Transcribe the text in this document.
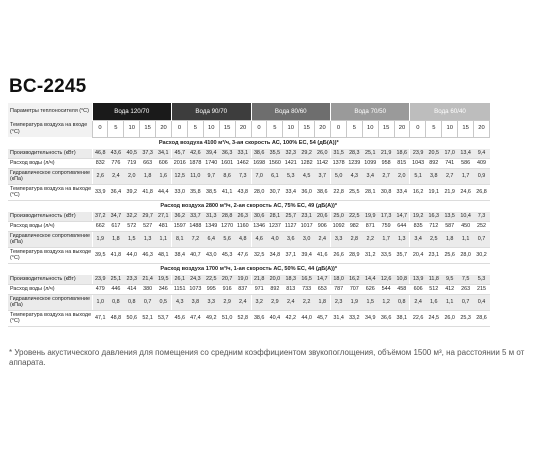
BC-2245
Параметры теплоносителя (°C)	Вода 120/70					Вода 90/70					Вода 80/60					Вода 70/50					Вода 60/40				
Температура воздуха на входе (°C)	0	5	10	15	20	0	5	10	15	20	0	5	10	15	20	0	5	10	15	20	0	5	10	15	20
Расход воздуха 4100 м³/ч, 3-ая скорость АС, 100% ЕС, 54 (дБ(А))*																									
Производительность (кВт)	46,8	43,6	40,5	37,3	34,1	45,7	42,6	39,4	36,3	33,1	38,6	35,5	32,3	29,2	26,0	31,5	28,3	25,1	21,9	18,6	23,9	20,5	17,0	13,4	9,4
Расход воды (л/ч)	832	776	719	663	606	2016	1878	1740	1601	1462	1698	1560	1421	1282	1142	1378	1239	1099	958	815	1043	892	741	586	409
Гидравлическое сопротивление (кПа)	2,6	2,4	2,0	1,8	1,6	12,5	11,0	9,7	8,6	7,3	7,0	6,1	5,3	4,5	3,7	5,0	4,3	3,4	2,7	2,0	5,1	3,8	2,7	1,7	0,9
Температура воздуха на выходе (°C)	33,9	36,4	39,2	41,8	44,4	33,0	35,8	38,5	41,1	43,8	28,0	30,7	33,4	36,0	38,6	22,8	25,5	28,1	30,8	33,4	16,2	19,1	21,9	24,6	26,8
Расход воздуха 2800 м³/ч, 2-ая скорость АС, 75% ЕС, 49 (дБ(А))*																									
Производительность (кВт)	37,2	34,7	32,2	29,7	27,1	36,2	33,7	31,3	28,8	26,3	30,6	28,1	25,7	23,1	20,6	25,0	22,5	19,9	17,3	14,7	19,2	16,3	13,5	10,4	7,3
Расход воды (л/ч)	662	617	572	527	481	1597	1488	1349	1270	1160	1346	1237	1127	1017	906	1092	982	871	759	644	835	712	587	450	252
Гидравлическое сопротивление (кПа)	1,9	1,8	1,5	1,3	1,1	8,1	7,2	6,4	5,6	4,8	4,6	4,0	3,6	3,0	2,4	3,3	2,8	2,2	1,7	1,3	3,4	2,5	1,8	1,1	0,7
Температура воздуха на выходе (°C)	39,5	41,8	44,0	46,3	48,1	38,4	40,7	43,0	45,3	47,6	32,5	34,8	37,1	39,4	41,6	26,6	28,9	31,2	33,5	35,7	20,4	23,1	25,6	28,0	30,2
Расход воздуха 1700 м³/ч, 1-ая скорость АС, 50% ЕС, 44 (дБ(А))*																									
Производительность (кВт)	23,9	25,1	23,3	21,4	19,5	26,1	24,3	22,5	20,7	19,0	21,8	20,0	18,3	16,5	14,7	18,0	16,2	14,4	12,6	10,8	13,9	11,8	9,5	7,5	5,3
Расход воды (л/ч)	479	446	414	380	346	1151	1073	995	916	837	971	892	813	733	653	787	707	626	544	458	606	512	412	263	215
Гидравлическое сопротивление (кПа)	1,0	0,8	0,8	0,7	0,5	4,3	3,8	3,3	2,9	2,4	3,2	2,9	2,4	2,2	1,8	2,3	1,9	1,5	1,2	0,8	2,4	1,6	1,1	0,7	0,4
Температура воздуха на выходе (°C)	47,1	48,8	50,6	52,1	53,7	45,6	47,4	49,2	51,0	52,8	38,6	40,4	42,2	44,0	45,7	31,4	33,2	34,9	36,6	38,1	22,6	24,5	26,0	25,3	28,6
* Уровень акустического давления для помещения со средним коэффициентом звукопоглощения, объёмом 1500 м³, на расстоянии 5 м от аппарата.
